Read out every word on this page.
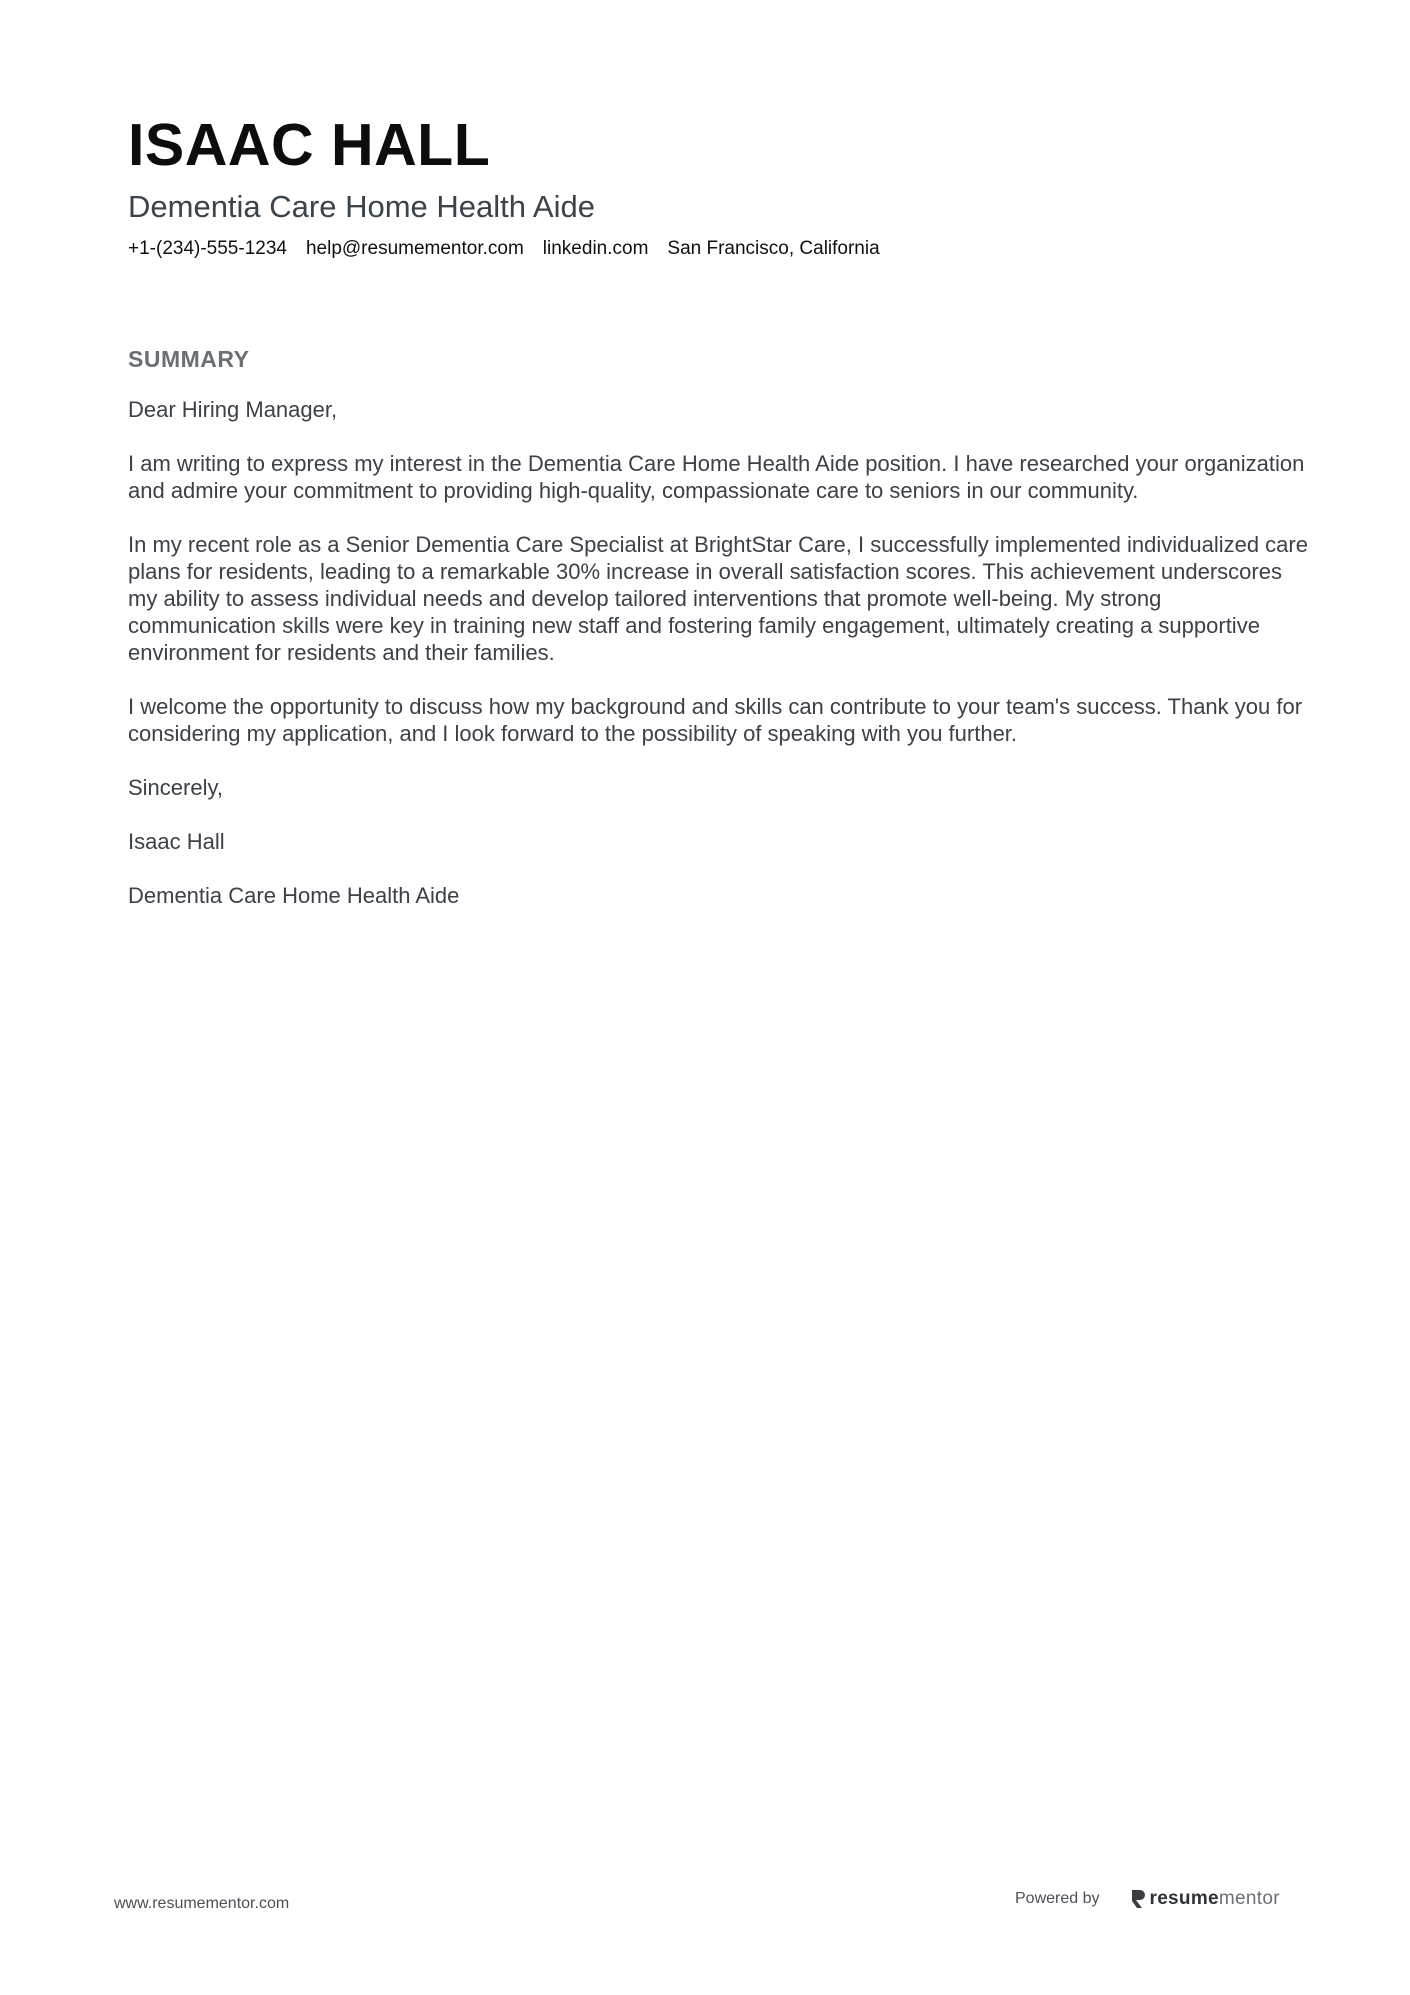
ISAAC HALL
Dementia Care Home Health Aide
+1-(234)-555-1234 help@resumementor.com linkedin.com San Francisco, California
SUMMARY

Dear Hiring Manager,

I am writing to express my interest in the Dementia Care Home Health Aide position. I have researched your organization and admire your commitment to providing high-quality, compassionate care to seniors in our community.

In my recent role as a Senior Dementia Care Specialist at BrightStar Care, I successfully implemented individualized care plans for residents, leading to a remarkable 30% increase in overall satisfaction scores. This achievement underscores my ability to assess individual needs and develop tailored interventions that promote well-being. My strong communication skills were key in training new staff and fostering family engagement, ultimately creating a supportive environment for residents and their families.

I welcome the opportunity to discuss how my background and skills can contribute to your team's success. Thank you for considering my application, and I look forward to the possibility of speaking with you further.

Sincerely,

Isaac Hall

Dementia Care Home Health Aide

www.resumementor.com	Powered by	resumementor
